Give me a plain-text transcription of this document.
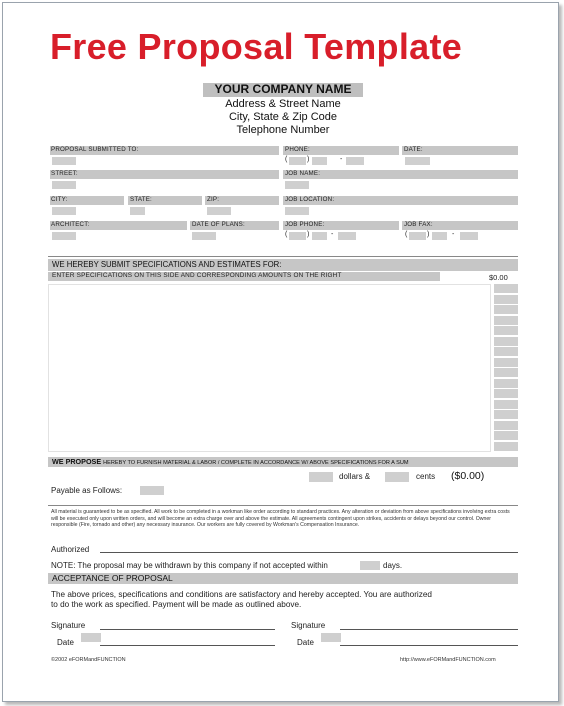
Free Proposal Template
YOUR COMPANY NAME
Address & Street Name
City, State & Zip Code
Telephone Number
PROPOSAL SUBMITTED TO:	PHONE:	DATE:
(	)	-
STREET:	JOB NAME:
CITY:	STATE:	ZIP:	JOB LOCATION:
ARCHITECT:	DATE OF PLANS:	JOB PHONE:	JOB FAX:
(	)	-	(	)	-
WE HEREBY SUBMIT SPECIFICATIONS AND ESTIMATES FOR:
ENTER SPECIFICATIONS ON THIS SIDE AND CORRESPONDING AMOUNTS ON THE RIGHT	$0.00
WE PROPOSE HEREBY TO FURNISH MATERIAL & LABOR / COMPLETE IN ACCORDANCE W/ ABOVE SPECIFICATIONS FOR A SUM
dollars &	cents ($0.00)
Payable as Follows:
All material is guaranteed to be as specified. All work to be completed in a workman like order according to standard practices. Any alteration or deviation from above specifications involving extra costs will be executed only upon written orders, and will become an extra charge over and above the estimate. All agreements contingent upon strikes, accidents or delays beyond our control. Owner responsible (Fire, tornado and other) any necessary insurance. Our workers are fully covered by Workman's Compensation Insurance.
Authorized
NOTE: The proposal may be withdrawn by this company if not accepted within	days.
ACCEPTANCE OF PROPOSAL
The above prices, specifications and conditions are satisfactory and hereby accepted. You are authorized
to do the work as specified. Payment will be made as outlined above.
Signature	Signature
Date	Date
©2002 eFORMandFUNCTION	http://www.eFORMandFUNCTION.com
